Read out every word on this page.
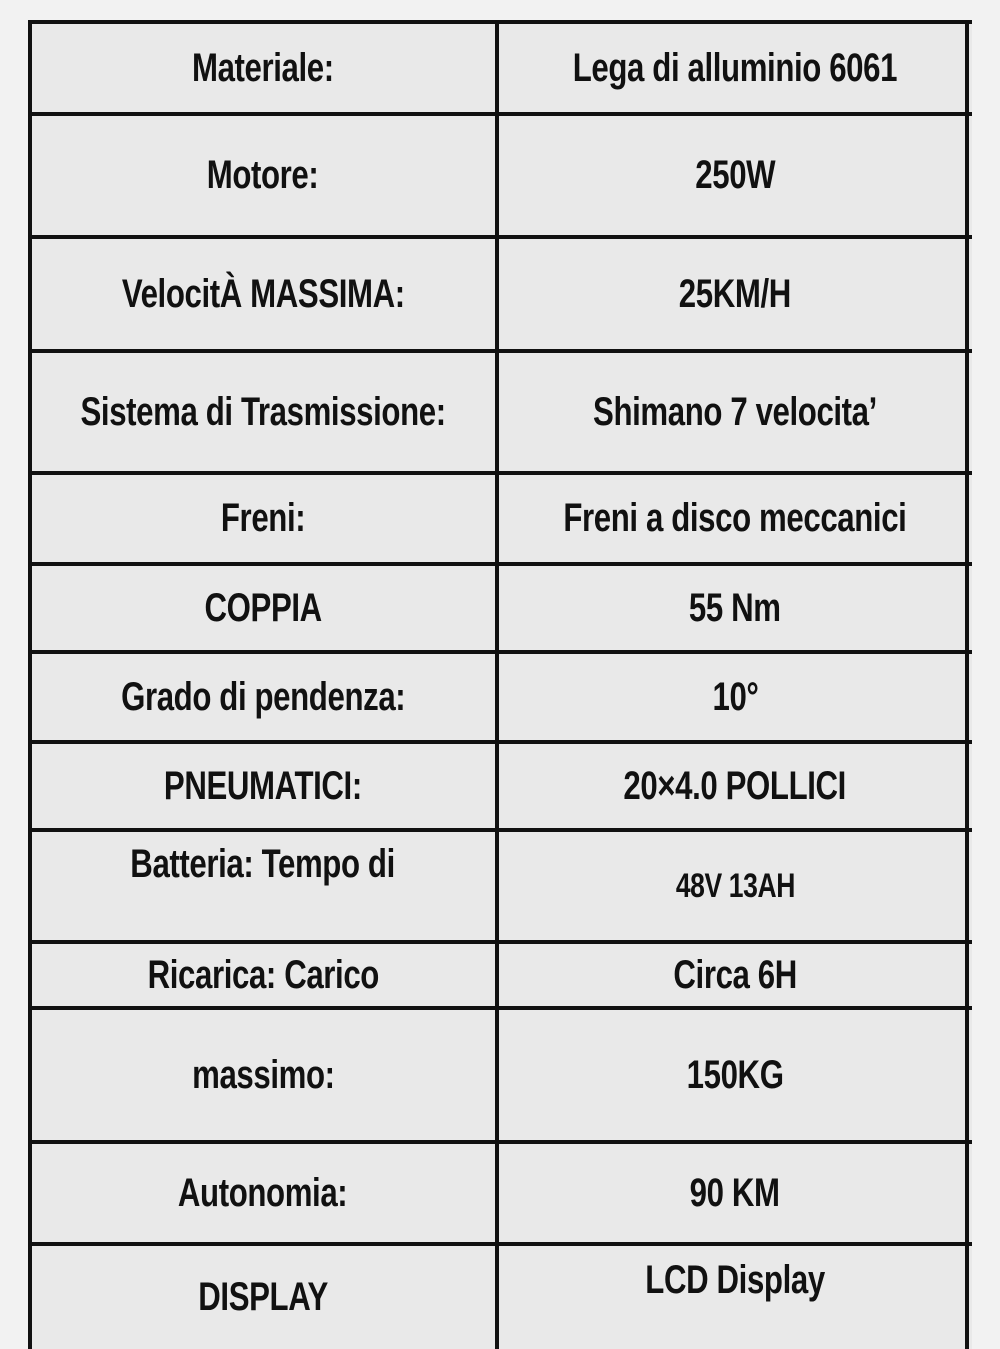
Materiale:	Lega di alluminio 6061
Motore:	250W
VelocitÀ MASSIMA:	25KM/H
Sistema di Trasmissione:	Shimano 7 velocita’
Freni:	Freni a disco meccanici
COPPIA	55 Nm
Grado di pendenza:	10°
PNEUMATICI:	20×4.0 POLLICI
Batteria: Tempo di	48V 13AH
Ricarica: Carico	Circa 6H
massimo:	150KG
Autonomia:	90 KM
DISPLAY	LCD Display
